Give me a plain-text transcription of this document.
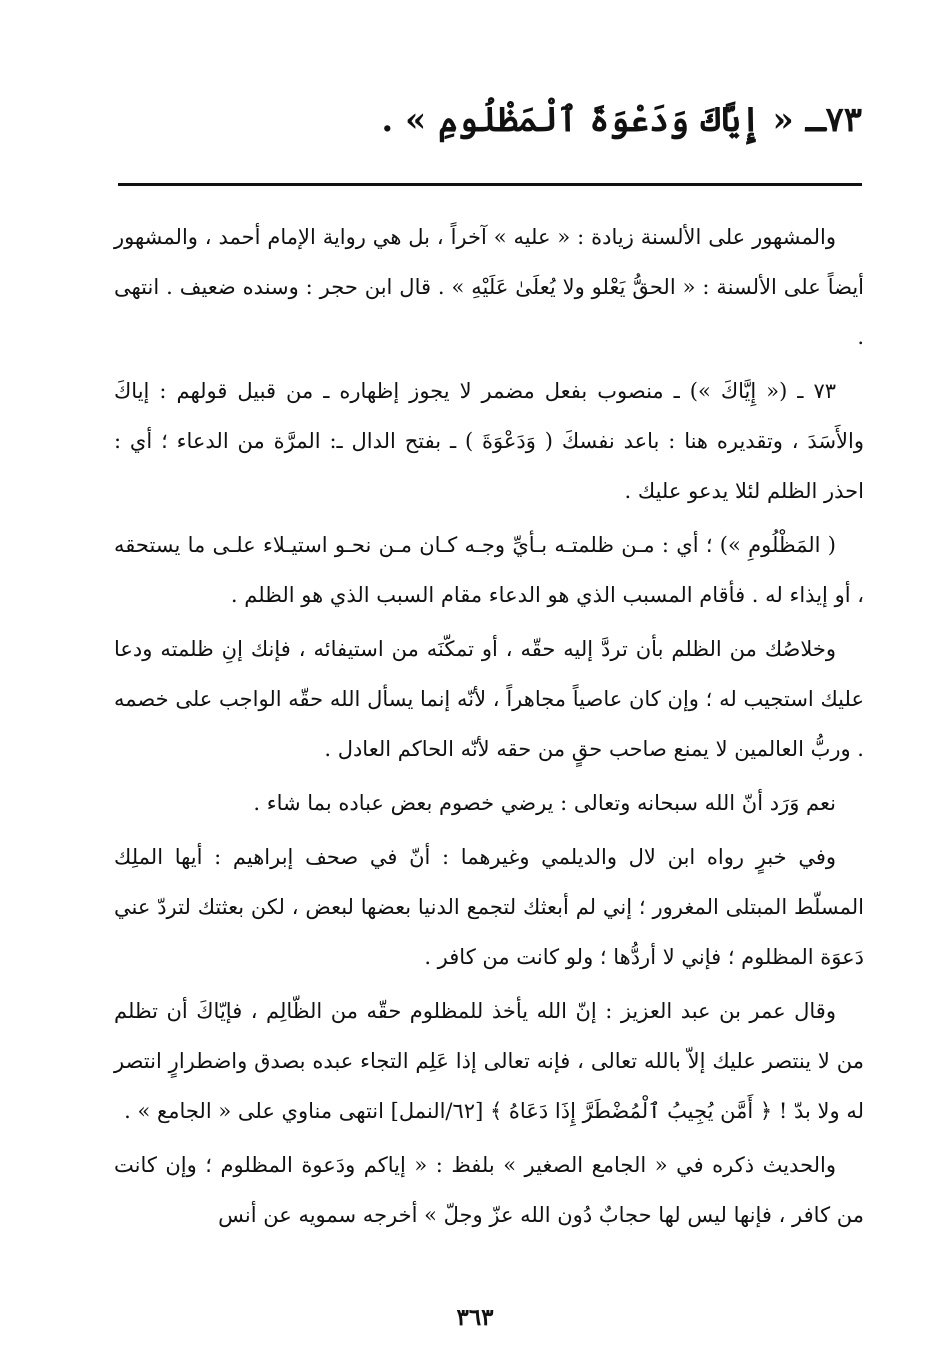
٧٣ـ « إِيَّاكَ وَدَعْوَةَ ٱلْمَظْلُومِ » .

والمشهور على الألسنة زيادة : « عليه » آخراً ، بل هي رواية الإمام أحمد ، والمشهور أيضاً على الألسنة : « الحقُّ يَعْلو ولا يُعلَىٰ عَلَيْهِ » . قال ابن حجر : وسنده ضعيف . انتهى .

٧٣ ـ (« إِيَّاكَ ») ـ منصوب بفعل مضمر لا يجوز إظهاره ـ من قبيل قولهم : إياكَ والأَسَدَ ، وتقديره هنا : باعد نفسكَ ( وَدَعْوَةَ ) ـ بفتح الدال ـ: المرَّة من الدعاء ؛ أي : احذر الظلم لئلا يدعو عليك .

( المَظْلُومِ ») ؛ أي : مـن ظلمتـه بـأيِّ وجـه كـان مـن نحـو استيـلاء علـى ما يستحقه ، أو إيذاء له . فأقام المسبب الذي هو الدعاء مقام السبب الذي هو الظلم .

وخلاصُك من الظلم بأن تردَّ إليه حقّه ، أو تمكّنَه من استيفائه ، فإنك إنِ ظلمته ودعا عليك استجيب له ؛ وإن كان عاصياً مجاهراً ، لأنّه إنما يسأل الله حقّه الواجب على خصمه . وربُّ العالمين لا يمنع صاحب حقٍ من حقه لأنّه الحاكم العادل .

نعم وَرَد أنّ الله سبحانه وتعالى : يرضي خصوم بعض عباده بما شاء .

وفي خبرٍ رواه ابن لال والديلمي وغيرهما : أنّ في صحف إبراهيم : أيها الملِك المسلّط المبتلى المغرور ؛ إني لم أبعثك لتجمع الدنيا بعضها لبعض ، لكن بعثتك لتردّ عني دَعوَة المظلوم ؛ فإني لا أردُّها ؛ ولو كانت من كافر .

وقال عمر بن عبد العزيز : إنّ الله يأخذ للمظلوم حقّه من الظّالِم ، فإيّاكَ أن تظلم من لا ينتصر عليك إلاّ بالله تعالى ، فإنه تعالى إذا عَلِم التجاء عبده بصدق واضطرارٍ انتصر له ولا بدّ ! ﴿ أَمَّن يُجِيبُ ٱلْمُضْطَرَّ إِذَا دَعَاهُ ﴾ [٦٢/النمل] انتهى مناوي على « الجامع » .

والحديث ذكره في « الجامع الصغير » بلفظ : « إياكم ودَعوة المظلوم ؛ وإن كانت من كافر ، فإنها ليس لها حجابٌ دُون الله عزّ وجلّ » أخرجه سمويه عن أنس

٣٦٣
